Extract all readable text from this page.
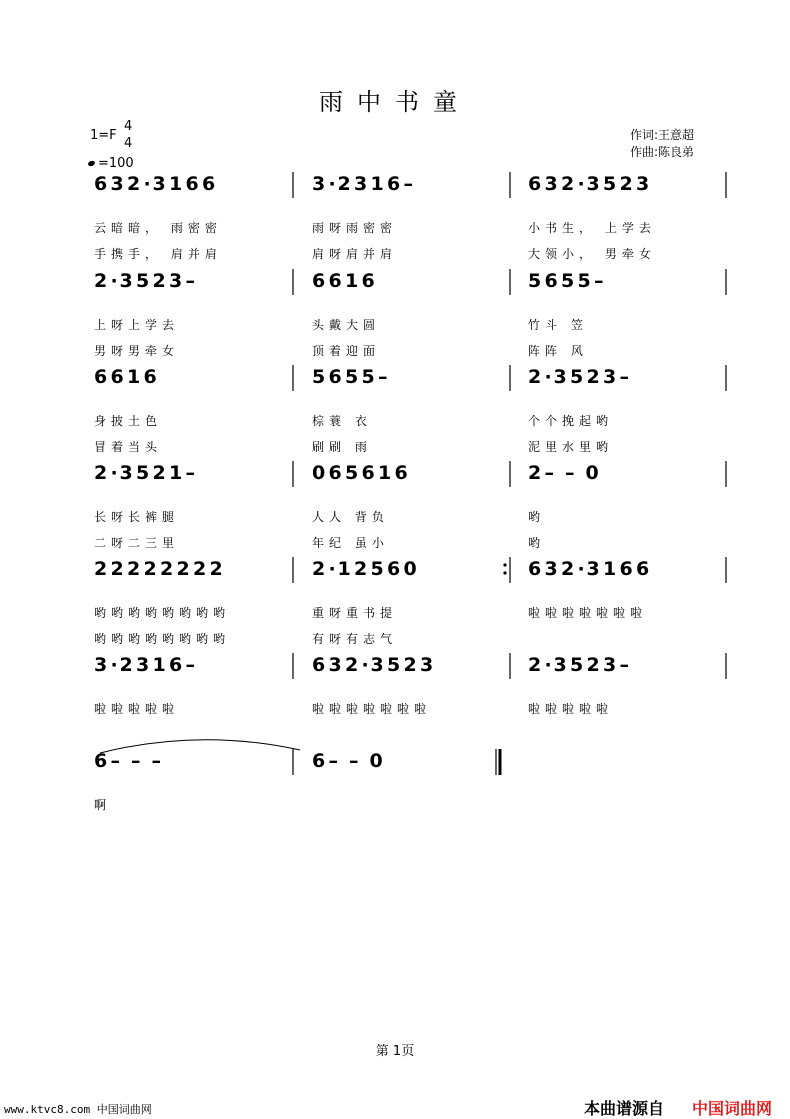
雨中书童
1=F
4
4
=100
作词:王意超
作曲:陈良弟
6 3 2 · 3 1 6 6	3 · 2 3 1 6 –	6 3 2 · 3 5 2 3
云暗暗， 雨密密	雨呀雨密密	小书生， 上学去
手携手， 肩并肩	肩呀肩并肩	大领小， 男牵女
2 · 3 5 2 3 –	6 6 1 6	5 6 5 5 –
上呀上学去	头戴大圆	竹斗 笠
男呀男牵女	顶着迎面	阵阵 风
6 6 1 6	5 6 5 5 –	2 · 3 5 2 3 –
身披土色	棕蓑 衣	个个挽起哟
冒着当头	刷刷 雨	泥里水里哟
2 · 3 5 2 1 –	0 6 5 6 1 6	2 – – 0
长呀长裤腿	人人 背负	哟
二呀二三里	年纪 虽小	哟
2 2 2 2 2 2 2 2	2 · 1 2 5 6 0	6 3 2 · 3 1 6 6
哟哟哟哟哟哟哟哟	重呀重书提	啦啦啦啦啦啦啦
哟哟哟哟哟哟哟哟	有呀有志气
3 · 2 3 1 6 –	6 3 2 · 3 5 2 3	2 · 3 5 2 3 –
啦啦啦啦啦	啦啦啦啦啦啦啦	啦啦啦啦啦
6 – – –	6 – – 0
啊
第 1页
www.ktvc8.com 中国词曲网	本曲谱源自 中国词曲网
